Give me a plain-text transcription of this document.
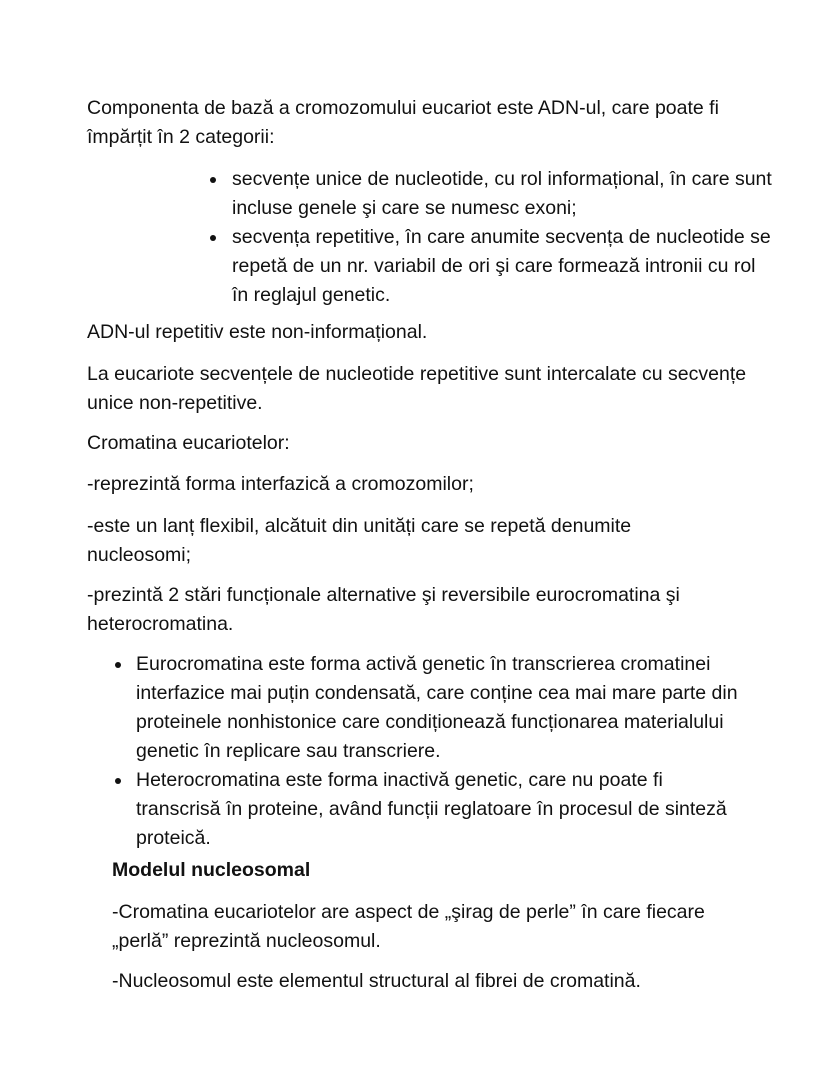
Componenta de bază a cromozomului eucariot este ADN-ul, care poate fi împărțit în 2 categorii:

secvențe unice de nucleotide, cu rol informațional, în care sunt incluse genele şi care se numesc exoni;
secvența repetitive, în care anumite secvența de nucleotide se repetă de un nr. variabil de ori şi care formează intronii cu rol în reglajul genetic.

ADN-ul repetitiv este non-informațional.

La eucariote secvențele de nucleotide repetitive sunt intercalate cu secvențe unice non-repetitive.

Cromatina eucariotelor:

-reprezintă forma interfazică a cromozomilor;

-este un lanț flexibil, alcătuit din unități care se repetă denumite nucleosomi;

-prezintă 2 stări funcționale alternative şi reversibile eurocromatina şi heterocromatina.

Eurocromatina este forma activă genetic în transcrierea cromatinei interfazice mai puțin condensată, care conține cea mai mare parte din proteinele nonhistonice care condiționează funcționarea materialului genetic în replicare sau transcriere.
Heterocromatina este forma inactivă genetic, care nu poate fi transcrisă în proteine, având funcții reglatoare în procesul de sinteză proteică.

Modelul nucleosomal

-Cromatina eucariotelor are aspect de „şirag de perle” în care fiecare „perlă” reprezintă nucleosomul.

-Nucleosomul este elementul structural al fibrei de cromatină.
